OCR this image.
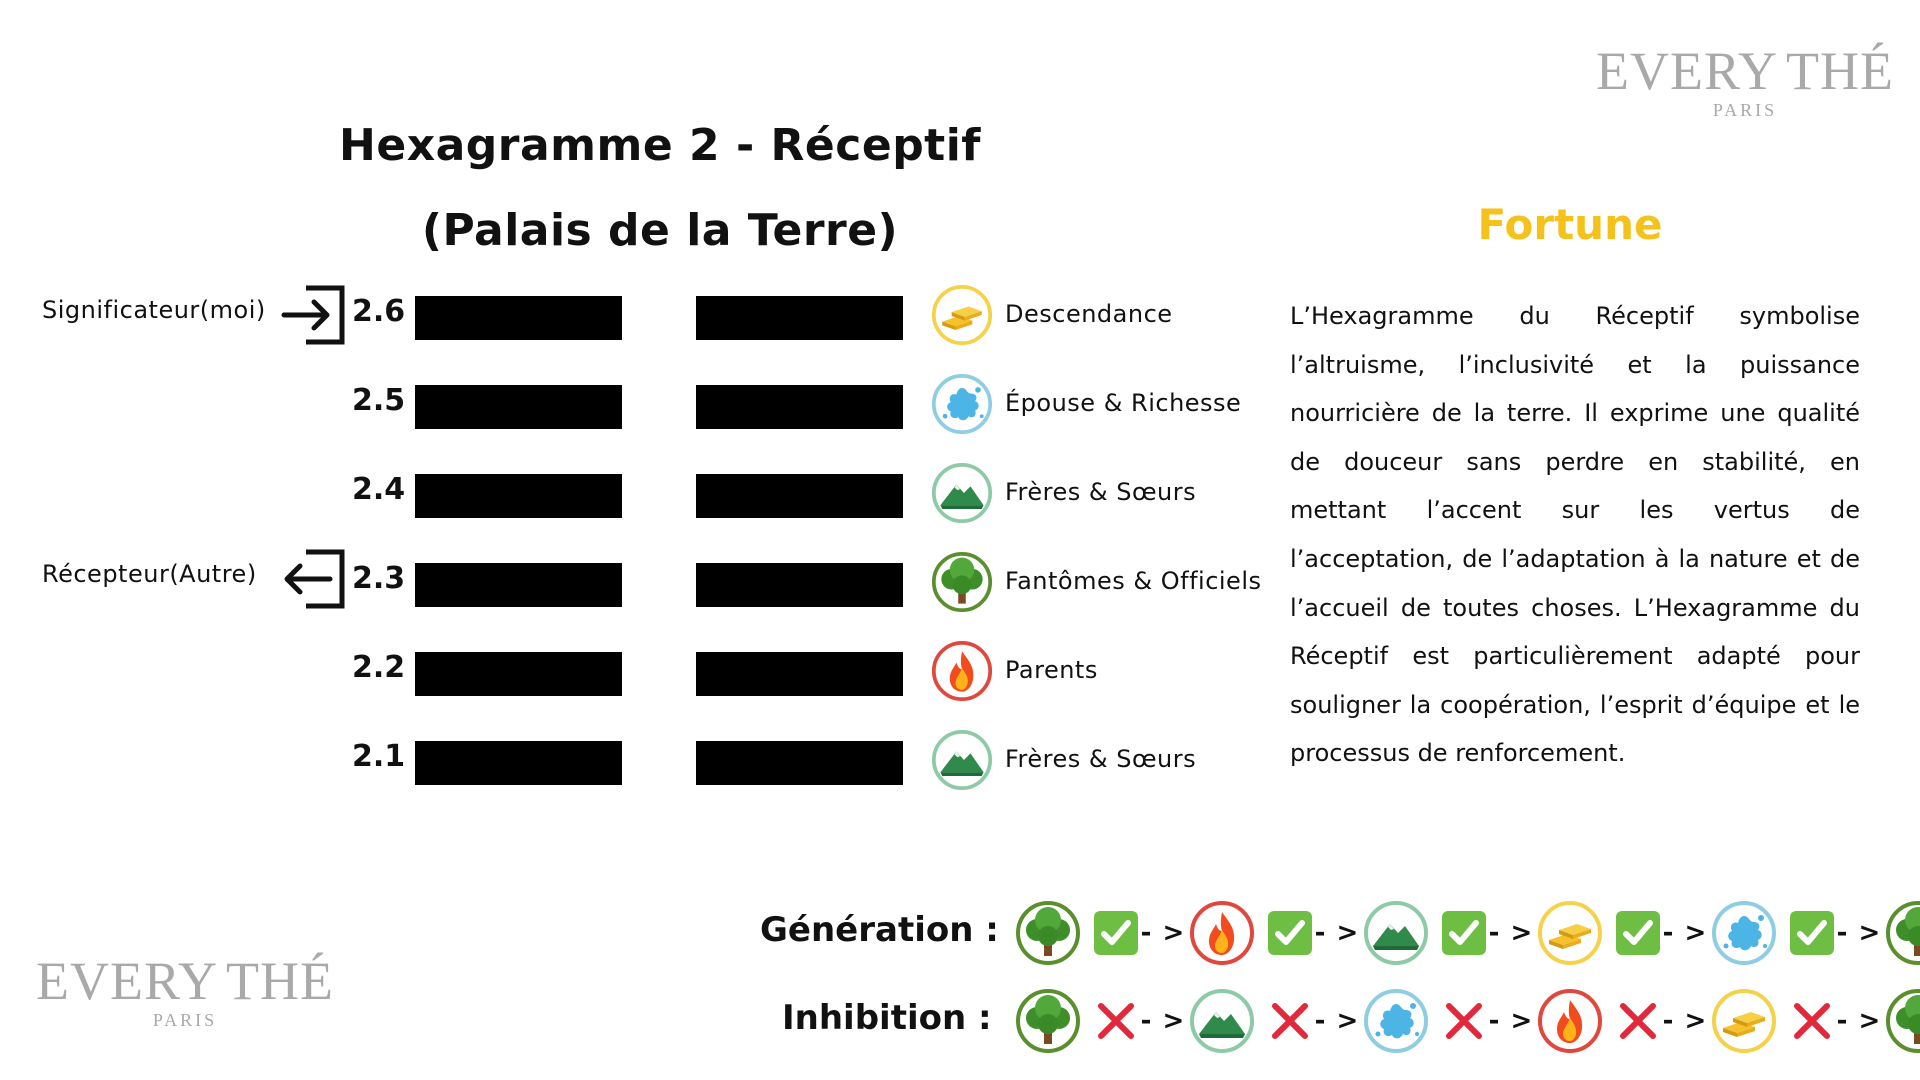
EVERY THÉ
PARIS
EVERY THÉ
PARIS
Hexagramme 2 - Réceptif
(Palais de la Terre)
Significateur(moi)
Récepteur(Autre)
2.6	Descendance
2.5	Épouse & Richesse
2.4	Frères & Sœurs
2.3	Fantômes & Officiels
2.2	Parents
2.1	Frères & Sœurs
Fortune
L’Hexagramme du Réceptif symbolise l’altruisme, l’inclusivité et la puissance nourricière de la terre. Il exprime une qualité de douceur sans perdre en stabilité, en mettant l’accent sur les vertus de l’acceptation, de l’adaptation à la nature et de l’accueil de toutes choses. L’Hexagramme du Réceptif est particulièrement adapté pour souligner la coopération, l’esprit d’équipe et le processus de renforcement.
Génération :	- >	- >	- >	- >	- >
Inhibition :	- >	- >	- >	- >	- >
